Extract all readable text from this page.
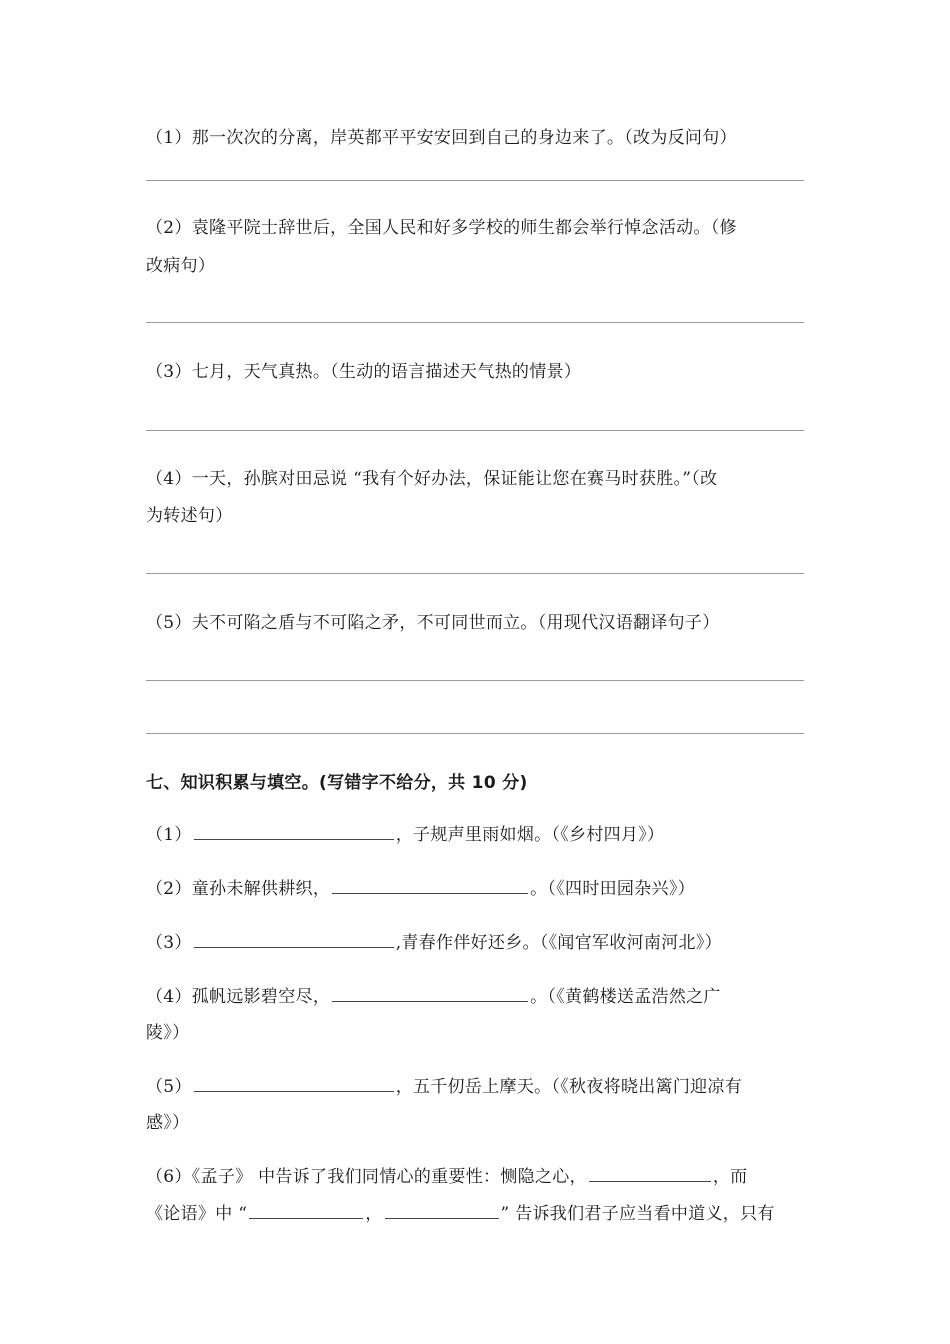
（1）那一次次的分离，岸英都平平安安回到自己的身边来了。（改为反问句）
（2）袁隆平院士辞世后，全国人民和好多学校的师生都会举行悼念活动。（修
改病句）
（3）七月，天气真热。（生动的语言描述天气热的情景）
（4）一天，孙膑对田忌说 “我有个好办法，保证能让您在赛马时获胜。”（改
为转述句）
（5）夫不可陷之盾与不可陷之矛，不可同世而立。（用现代汉语翻译句子）
七、知识积累与填空。(写错字不给分，共 10 分)
（1）	，子规声里雨如烟。（《乡村四月》）
（2）童孙未解供耕织，	。（《四时田园杂兴》）
（3）	,青春作伴好还乡。（《闻官军收河南河北》）
（4）孤帆远影碧空尽，	。（《黄鹤楼送孟浩然之广
陵》）
（5）	，五千仞岳上摩天。（《秋夜将晓出篱门迎凉有
感》）
（6）《孟子》 中告诉了我们同情心的重要性：恻隐之心，	，而
《论语》中 “	，	” 告诉我们君子应当看中道义，只有
